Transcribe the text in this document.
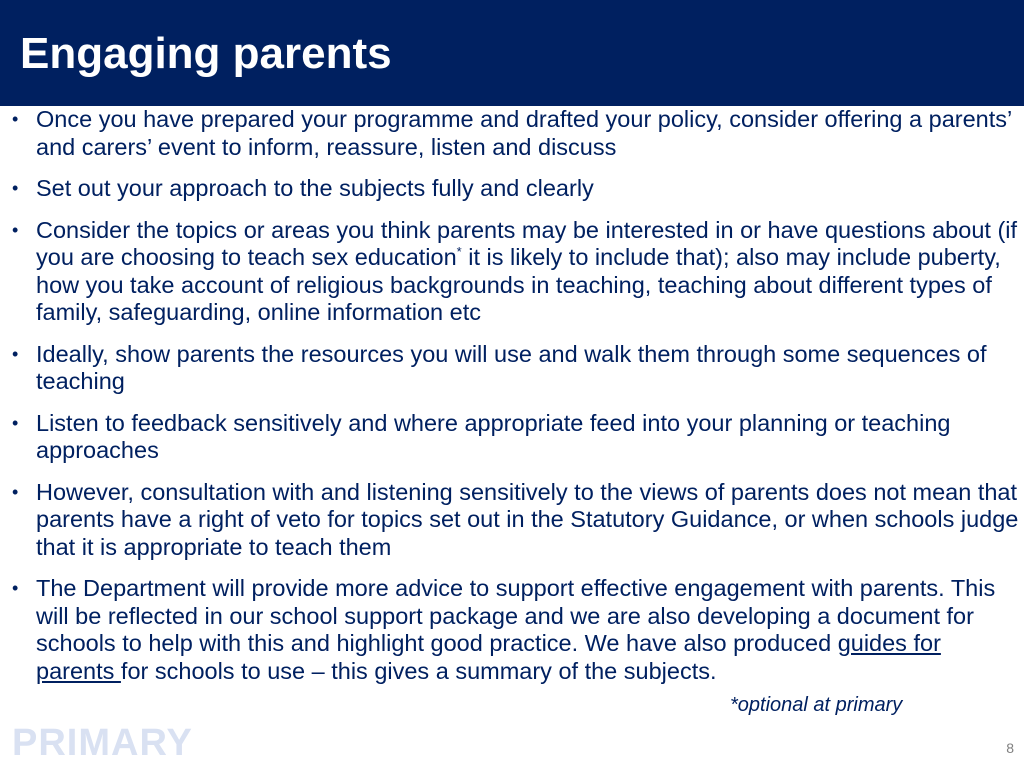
Engaging parents
• Once you have prepared your programme and drafted your policy, consider offering a parents’ and carers’ event to inform, reassure, listen and discuss
• Set out your approach to the subjects fully and clearly
• Consider the topics or areas you think parents may be interested in or have questions about (if you are choosing to teach sex education* it is likely to include that); also may include puberty, how you take account of religious backgrounds in teaching, teaching about different types of family, safeguarding, online information etc
• Ideally, show parents the resources you will use and walk them through some sequences of teaching
• Listen to feedback sensitively and where appropriate feed into your planning or teaching approaches
• However, consultation with and listening sensitively to the views of parents does not mean that parents have a right of veto for topics set out in the Statutory Guidance, or when schools judge that it is appropriate to teach them
• The Department will provide more advice to support effective engagement with parents. This will be reflected in our school support package and we are also developing a document for schools to help with this and highlight good practice. We have also produced guides for parents for schools to use – this gives a summary of the subjects.
*optional at primary
PRIMARY	8
